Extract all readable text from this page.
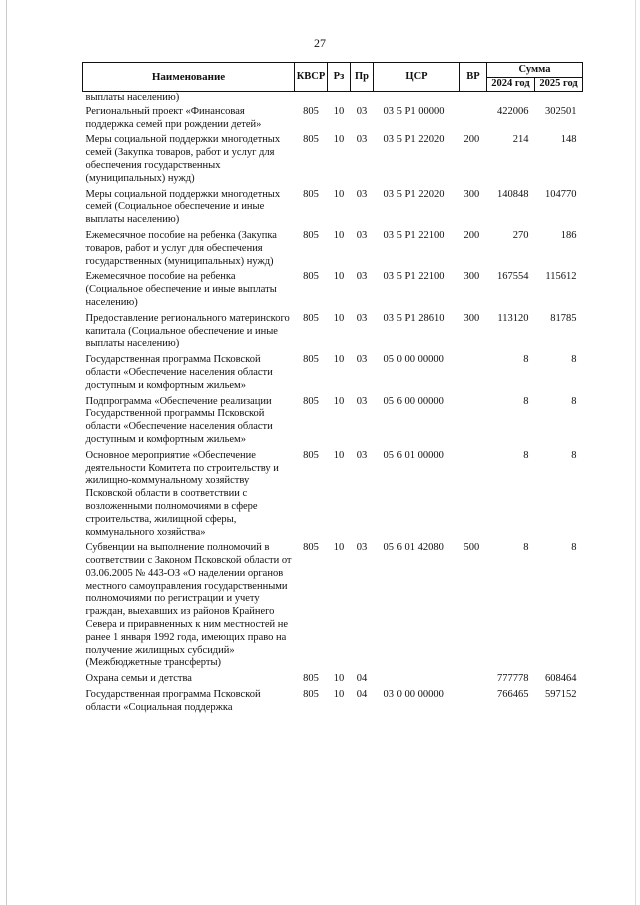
27
Наименование	КВСР	Рз	Пр	ЦСР	ВР	Сумма	
						2024 год	2025 год
выплаты населению)							
Региональный проект «Финансовая поддержка семей при рождении детей»	805	10	03	03 5 Р1 00000		422006	302501
Меры социальной поддержки многодетных семей (Закупка товаров, работ и услуг для обеспечения государственных (муниципальных) нужд)	805	10	03	03 5 Р1 22020	200	214	148
Меры социальной поддержки многодетных семей (Социальное обеспечение и иные выплаты населению)	805	10	03	03 5 Р1 22020	300	140848	104770
Ежемесячное пособие на ребенка (Закупка товаров, работ и услуг для обеспечения государственных (муниципальных) нужд)	805	10	03	03 5 Р1 22100	200	270	186
Ежемесячное пособие на ребенка (Социальное обеспечение и иные выплаты населению)	805	10	03	03 5 Р1 22100	300	167554	115612
Предоставление регионального материнского капитала (Социальное обеспечение и иные выплаты населению)	805	10	03	03 5 Р1 28610	300	113120	81785
Государственная программа Псковской области «Обеспечение населения области доступным и комфортным жильем»	805	10	03	05 0 00 00000		8	8
Подпрограмма «Обеспечение реализации Государственной программы Псковской области «Обеспечение населения области доступным и комфортным жильем»	805	10	03	05 6 00 00000		8	8
Основное мероприятие «Обеспечение деятельности Комитета по строительству и жилищно-коммунальному хозяйству Псковской области в соответствии с возложенными полномочиями в сфере строительства, жилищной сферы, коммунального хозяйства»	805	10	03	05 6 01 00000		8	8
Субвенции на выполнение полномочий в соответствии с Законом Псковской области от 03.06.2005 № 443-ОЗ «О наделении органов местного самоуправления государственными полномочиями по регистрации и учету граждан, выехавших из районов Крайнего Севера и приравненных к ним местностей не ранее 1 января 1992 года, имеющих право на получение жилищных субсидий» (Межбюджетные трансферты)	805	10	03	05 6 01 42080	500	8	8
Охрана семьи и детства	805	10	04			777778	608464
Государственная программа Псковской области «Социальная поддержка	805	10	04	03 0 00 00000		766465	597152
